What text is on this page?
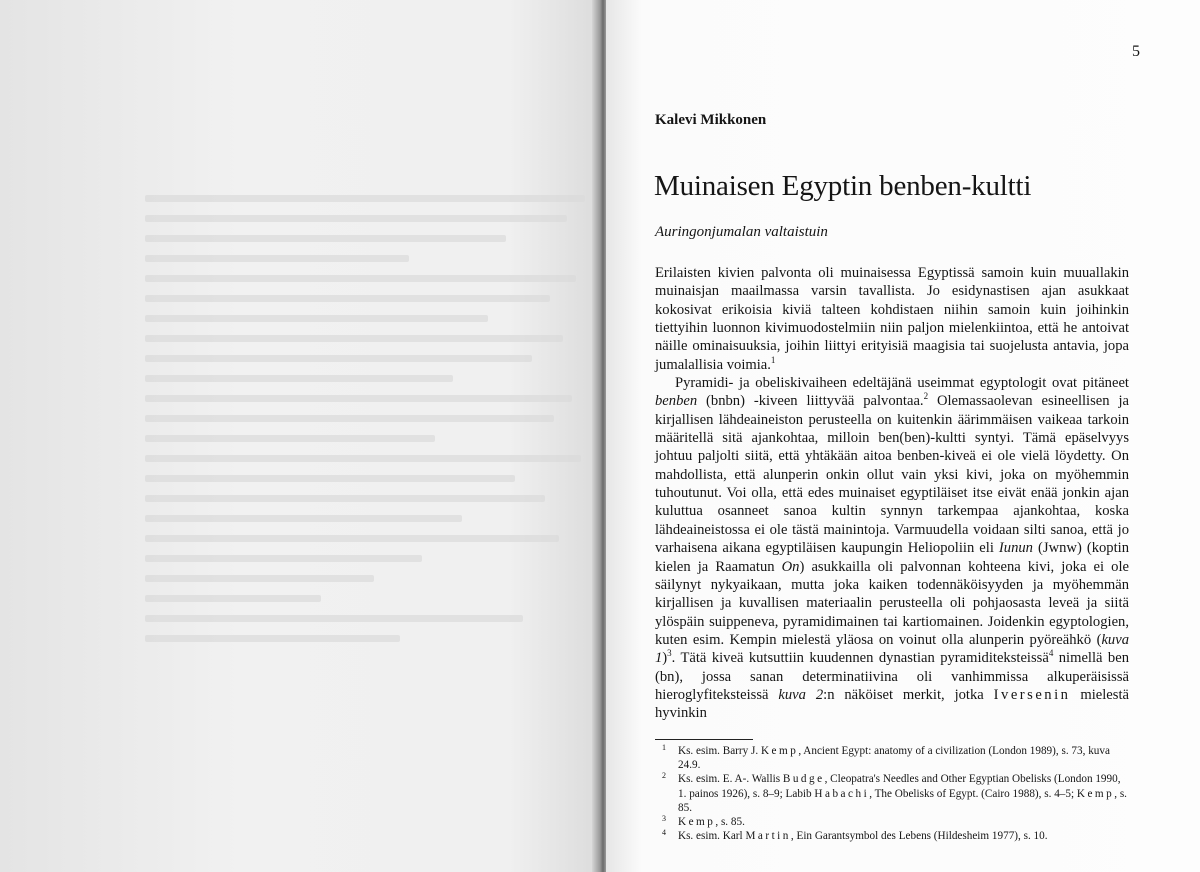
5
Kalevi Mikkonen
Muinaisen Egyptin benben-kultti
Auringonjumalan valtaistuin

Erilaisten kivien palvonta oli muinaisessa Egyptissä samoin kuin muuallakin muinaisjan maailmassa varsin tavallista. Jo esidynastisen ajan asukkaat kokosivat erikoisia kiviä talteen kohdistaen niihin samoin kuin joihinkin tiettyihin luonnon kivimuodostelmiin niin paljon mielenkiintoa, että he antoivat näille ominaisuuksia, joihin liittyi erityisiä maagisia tai suojelusta antavia, jopa jumalallisia voimia.$^1$

Pyramidi- ja obeliskivaiheen edeltäjänä useimmat egyptologit ovat pitäneet benben (bnbn) -kiveen liittyvää palvontaa.$^2$ Olemassaolevan esineellisen ja kirjallisen lähdeaineiston perusteella on kuitenkin äärimmäisen vaikeaa tarkoin määritellä sitä ajankohtaa, milloin ben(ben)-kultti syntyi. Tämä epäselvyys johtuu paljolti siitä, että yhtäkään aitoa benben-kiveä ei ole vielä löydetty. On mahdollista, että alunperin onkin ollut vain yksi kivi, joka on myöhemmin tuhoutunut. Voi olla, että edes muinaiset egyptiläiset itse eivät enää jonkin ajan kuluttua osanneet sanoa kultin synnyn tarkempaa ajankohtaa, koska lähdeaineistossa ei ole tästä mainintoja. Varmuudella voidaan silti sanoa, että jo varhaisena aikana egyptiläisen kaupungin Heliopoliin eli Iunun (Jwnw) (koptin kielen ja Raamatun On) asukkailla oli palvonnan kohteena kivi, joka ei ole säilynyt nykyaikaan, mutta joka kaiken todennäköisyyden ja myöhemmän kirjallisen ja kuvallisen materiaalin perusteella oli pohjaosasta leveä ja siitä ylöspäin suippeneva, pyramidimainen tai kartiomainen. Joidenkin egyptologien, kuten esim. Kempin mielestä yläosa on voinut olla alunperin pyöreähkö (kuva 1)$^3$. Tätä kiveä kutsuttiin kuudennen dynastian pyramiditeksteissä$^4$ nimellä ben (bn), jossa sanan determinatiivina oli vanhimmissa alkuperäisissä hieroglyfiteksteissä kuva 2:n näköiset merkit, jotka Iversenin mielestä hyvinkin

1 Ks. esim. Barry J. Kemp, Ancient Egypt: anatomy of a civilization (London 1989), s. 73, kuva 24.9.
2 Ks. esim. E. A-. Wallis Budge, Cleopatra's Needles and Other Egyptian Obelisks (London 1990, 1. painos 1926), s. 8–9; Labib Habachi, The Obelisks of Egypt. (Cairo 1988), s. 4–5; Kemp, s. 85.
3 Kemp, s. 85.
4 Ks. esim. Karl Martin, Ein Garantsymbol des Lebens (Hildesheim 1977), s. 10.
